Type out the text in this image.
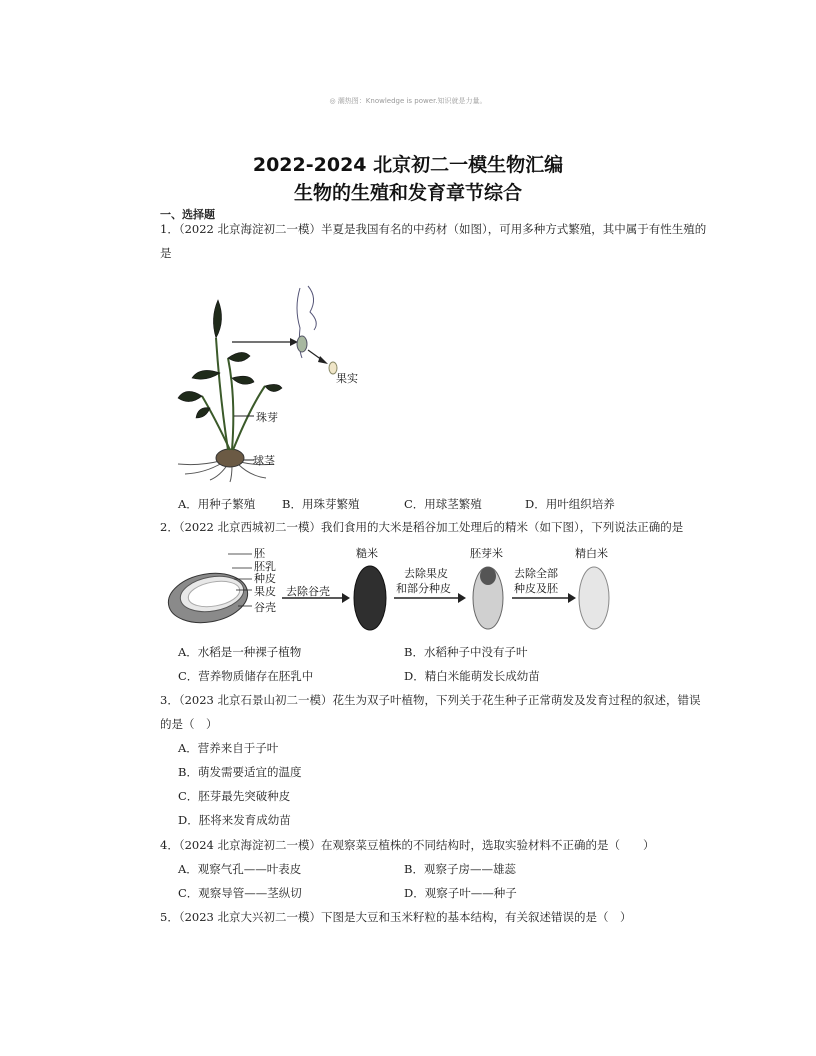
◎ 潮热图：Knowledge is power.知识就是力量。
2022-2024 北京初二一模生物汇编
生物的生殖和发育章节综合
一、选择题
1．（2022 北京海淀初二一模）半夏是我国有名的中药材（如图），可用多种方式繁殖，其中属于有性生殖的
是
果实
珠芽
球茎
A．用种子繁殖 B．用珠芽繁殖	C．用球茎繁殖	D．用叶组织培养
2．（2022 北京西城初二一模）我们食用的大米是稻谷加工处理后的精米（如下图），下列说法正确的是
胚
胚乳
种皮
果皮
谷壳
去除谷壳
糙米
去除果皮
和部分种皮
胚芽米
去除全部
种皮及胚
精白米
A．水稻是一种裸子植物	B．水稻种子中没有子叶
C．营养物质储存在胚乳中	D．精白米能萌发长成幼苗
3．（2023 北京石景山初二一模）花生为双子叶植物，下列关于花生种子正常萌发及发育过程的叙述，错误
的是（　）
A．营养来自于子叶
B．萌发需要适宜的温度
C．胚芽最先突破种皮
D．胚将来发育成幼苗
4．（2024 北京海淀初二一模）在观察菜豆植株的不同结构时，选取实验材料不正确的是（　　）
A．观察气孔——叶表皮	B．观察子房——雄蕊
C．观察导管——茎纵切	D．观察子叶——种子
5．（2023 北京大兴初二一模）下图是大豆和玉米籽粒的基本结构，有关叙述错误的是（　）
